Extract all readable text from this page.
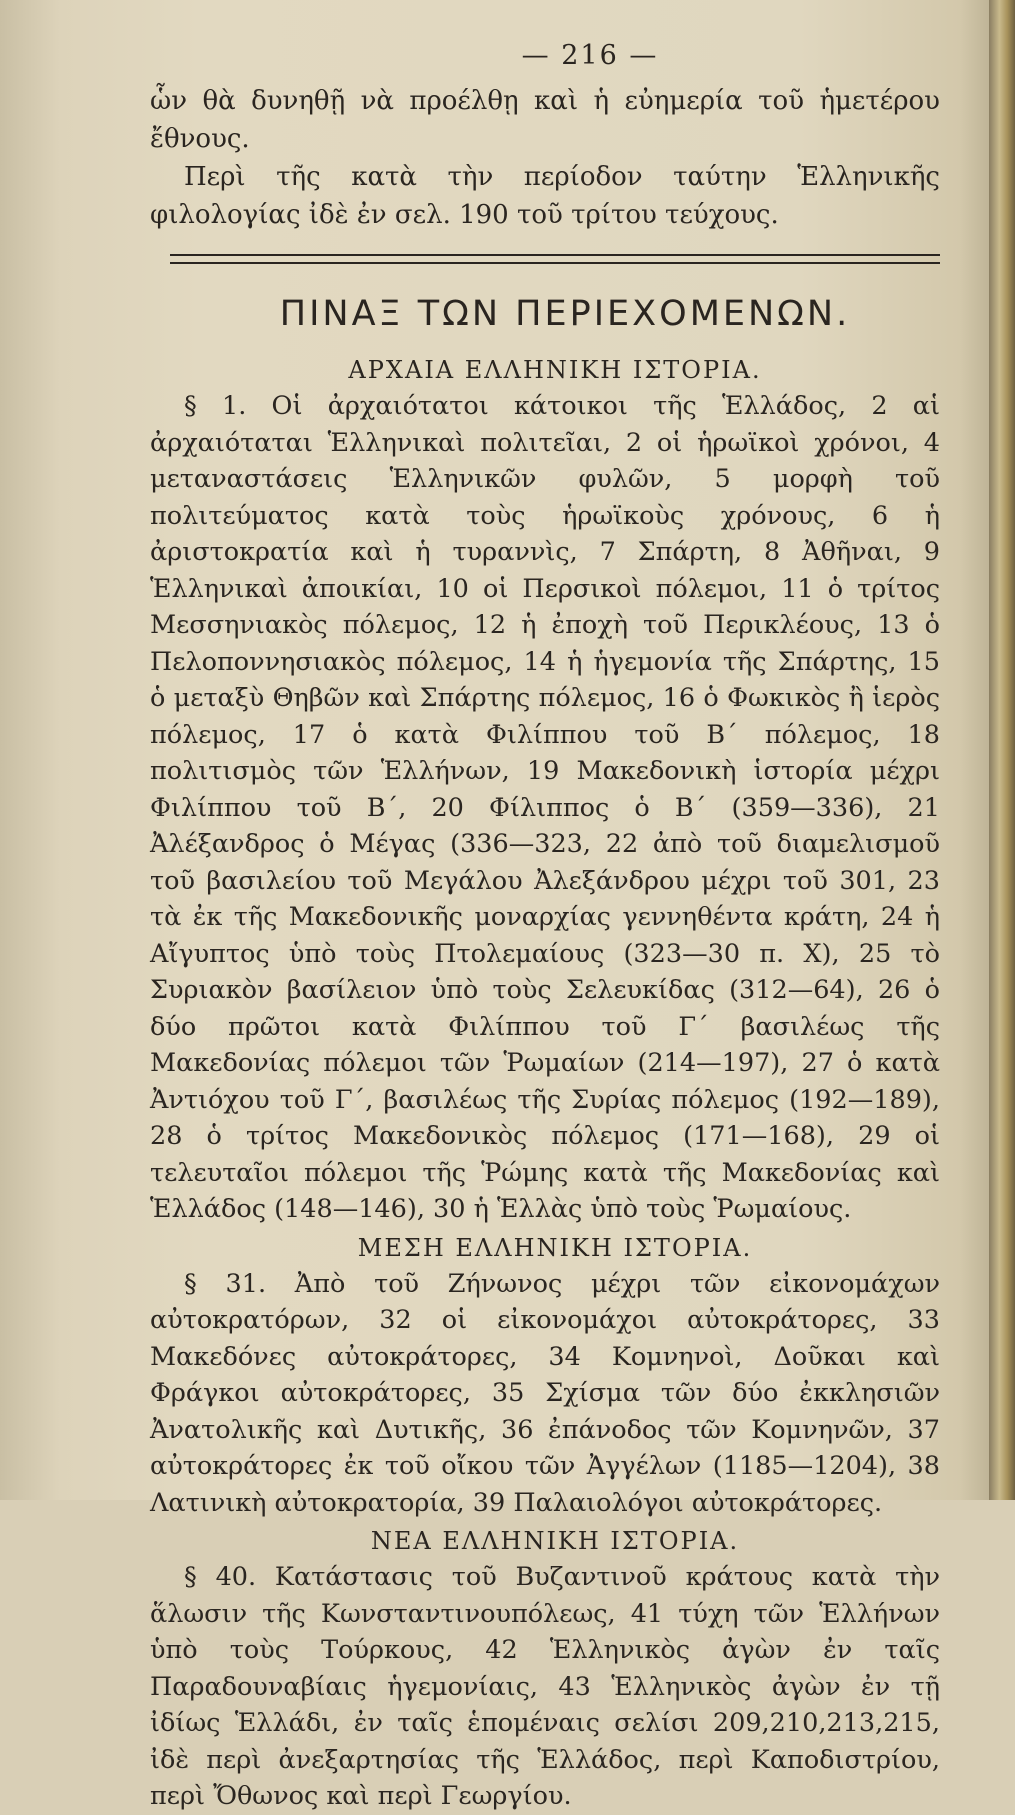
— 216 —

ὧν θὰ δυνηθῇ νὰ προέλθῃ καὶ ἡ εὐημερία τοῦ ἡμετέρου ἔθνους.

Περὶ τῆς κατὰ τὴν περίοδον ταύτην Ἑλληνικῆς φιλολογίας ἰδὲ ἐν σελ. 190 τοῦ τρίτου τεύχους.

ΠΙΝΑΞ ΤΩΝ ΠΕΡΙΕΧΟΜΕΝΩΝ.
ΑΡΧΑΙΑ ΕΛΛΗΝΙΚΗ ΙΣΤΟΡΙΑ.

§ 1. Οἱ ἀρχαιότατοι κάτοικοι τῆς Ἑλλάδος, 2 αἱ ἀρχαιόταται Ἑλληνικαὶ πολιτεῖαι, 2 οἱ ἡρωϊκοὶ χρόνοι, 4 μεταναστάσεις Ἑλληνικῶν φυλῶν, 5 μορφὴ τοῦ πολιτεύματος κατὰ τοὺς ἡρωϊκοὺς χρόνους, 6 ἡ ἀριστοκρατία καὶ ἡ τυραννὶς, 7 Σπάρτη, 8 Ἀθῆναι, 9 Ἑλληνικαὶ ἀποικίαι, 10 οἱ Περσικοὶ πόλεμοι, 11 ὁ τρίτος Μεσσηνιακὸς πόλεμος, 12 ἡ ἐποχὴ τοῦ Περικλέους, 13 ὁ Πελοποννησιακὸς πόλεμος, 14 ἡ ἡγεμονία τῆς Σπάρτης, 15 ὁ μεταξὺ Θηβῶν καὶ Σπάρτης πόλεμος, 16 ὁ Φωκικὸς ἢ ἱερὸς πόλεμος, 17 ὁ κατὰ Φιλίππου τοῦ Β΄ πόλεμος, 18 πολιτισμὸς τῶν Ἑλλήνων, 19 Μακεδονικὴ ἱστορία μέχρι Φιλίππου τοῦ Β΄, 20 Φίλιππος ὁ Β΄ (359—336), 21 Ἀλέξανδρος ὁ Μέγας (336—323, 22 ἀπὸ τοῦ διαμελισμοῦ τοῦ βασιλείου τοῦ Μεγάλου Ἀλεξάνδρου μέχρι τοῦ 301, 23 τὰ ἐκ τῆς Μακεδονικῆς μοναρχίας γεννηθέντα κράτη, 24 ἡ Αἴγυπτος ὑπὸ τοὺς Πτολεμαίους (323—30 π. Χ), 25 τὸ Συριακὸν βασίλειον ὑπὸ τοὺς Σελευκίδας (312—64), 26 ὁ δύο πρῶτοι κατὰ Φιλίππου τοῦ Γ΄ βασιλέως τῆς Μακεδονίας πόλεμοι τῶν Ῥωμαίων (214—197), 27 ὁ κατὰ Ἀντιόχου τοῦ Γ΄, βασιλέως τῆς Συρίας πόλεμος (192—189), 28 ὁ τρίτος Μακεδονικὸς πόλεμος (171—168), 29 οἱ τελευταῖοι πόλεμοι τῆς Ῥώμης κατὰ τῆς Μακεδονίας καὶ Ἑλλάδος (148—146), 30 ἡ Ἑλλὰς ὑπὸ τοὺς Ῥωμαίους.

ΜΕΣΗ ΕΛΛΗΝΙΚΗ ΙΣΤΟΡΙΑ.

§ 31. Ἀπὸ τοῦ Ζήνωνος μέχρι τῶν εἰκονομάχων αὐτοκρατόρων, 32 οἱ εἰκονομάχοι αὐτοκράτορες, 33 Μακεδόνες αὐτοκράτορες, 34 Κομνηνοὶ, Δοῦκαι καὶ Φράγκοι αὐτοκράτορες, 35 Σχίσμα τῶν δύο ἐκκλησιῶν Ἀνατολικῆς καὶ Δυτικῆς, 36 ἐπάνοδος τῶν Κομνηνῶν, 37 αὐτοκράτορες ἐκ τοῦ οἴκου τῶν Ἀγγέλων (1185—1204), 38 Λατινικὴ αὐτοκρατορία, 39 Παλαιολόγοι αὐτοκράτορες.

ΝΕΑ ΕΛΛΗΝΙΚΗ ΙΣΤΟΡΙΑ.

§ 40. Κατάστασις τοῦ Βυζαντινοῦ κράτους κατὰ τὴν ἅλωσιν τῆς Κωνσταντινουπόλεως, 41 τύχη τῶν Ἑλλήνων ὑπὸ τοὺς Τούρκους, 42 Ἑλληνικὸς ἀγὼν ἐν ταῖς Παραδουναβίαις ἡγεμονίαις, 43 Ἑλληνικὸς ἀγὼν ἐν τῇ ἰδίως Ἑλλάδι, ἐν ταῖς ἑπομέναις σελίσι 209,210,213,215, ἰδὲ περὶ ἀνεξαρτησίας τῆς Ἑλλάδος, περὶ Καποδιστρίου, περὶ Ὄθωνος καὶ περὶ Γεωργίου.
